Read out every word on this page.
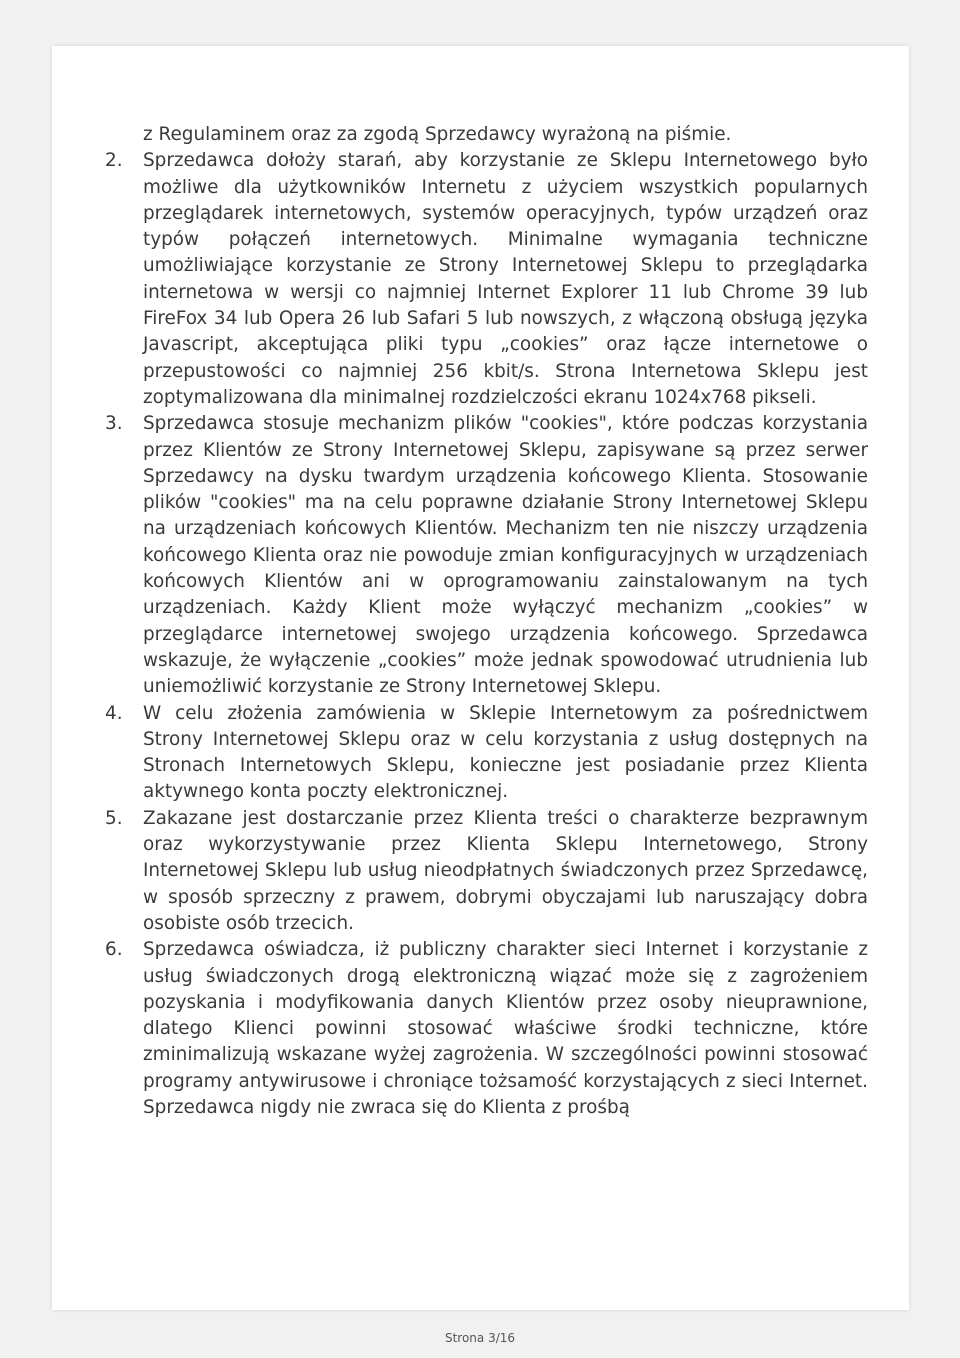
z Regulaminem oraz za zgodą Sprzedawcy wyrażoną na piśmie.

2. Sprzedawca dołoży starań, aby korzystanie ze Sklepu Internetowego było możliwe dla użytkowników Internetu z użyciem wszystkich popularnych przeglądarek internetowych, systemów operacyjnych, typów urządzeń oraz typów połączeń internetowych. Minimalne wymagania techniczne umożliwiające korzystanie ze Strony Internetowej Sklepu to przeglądarka internetowa w wersji co najmniej Internet Explorer 11 lub Chrome 39 lub FireFox 34 lub Opera 26 lub Safari 5 lub nowszych, z włączoną obsługą języka Javascript, akceptująca pliki typu „cookies” oraz łącze internetowe o przepustowości co najmniej 256 kbit/s. Strona Internetowa Sklepu jest zoptymalizowana dla minimalnej rozdzielczości ekranu 1024x768 pikseli.
3. Sprzedawca stosuje mechanizm plików "cookies", które podczas korzystania przez Klientów ze Strony Internetowej Sklepu, zapisywane są przez serwer Sprzedawcy na dysku twardym urządzenia końcowego Klienta. Stosowanie plików "cookies" ma na celu poprawne działanie Strony Internetowej Sklepu na urządzeniach końcowych Klientów. Mechanizm ten nie niszczy urządzenia końcowego Klienta oraz nie powoduje zmian konfiguracyjnych w urządzeniach końcowych Klientów ani w oprogramowaniu zainstalowanym na tych urządzeniach. Każdy Klient może wyłączyć mechanizm „cookies” w przeglądarce internetowej swojego urządzenia końcowego. Sprzedawca wskazuje, że wyłączenie „cookies” może jednak spowodować utrudnienia lub uniemożliwić korzystanie ze Strony Internetowej Sklepu.
4. W celu złożenia zamówienia w Sklepie Internetowym za pośrednictwem Strony Internetowej Sklepu oraz w celu korzystania z usług dostępnych na Stronach Internetowych Sklepu, konieczne jest posiadanie przez Klienta aktywnego konta poczty elektronicznej.
5. Zakazane jest dostarczanie przez Klienta treści o charakterze bezprawnym oraz wykorzystywanie przez Klienta Sklepu Internetowego, Strony Internetowej Sklepu lub usług nieodpłatnych świadczonych przez Sprzedawcę, w sposób sprzeczny z prawem, dobrymi obyczajami lub naruszający dobra osobiste osób trzecich.
6. Sprzedawca oświadcza, iż publiczny charakter sieci Internet i korzystanie z usług świadczonych drogą elektroniczną wiązać może się z zagrożeniem pozyskania i modyfikowania danych Klientów przez osoby nieuprawnione, dlatego Klienci powinni stosować właściwe środki techniczne, które zminimalizują wskazane wyżej zagrożenia. W szczególności powinni stosować programy antywirusowe i chroniące tożsamość korzystających z sieci Internet. Sprzedawca nigdy nie zwraca się do Klienta z prośbą
Strona 3/16
